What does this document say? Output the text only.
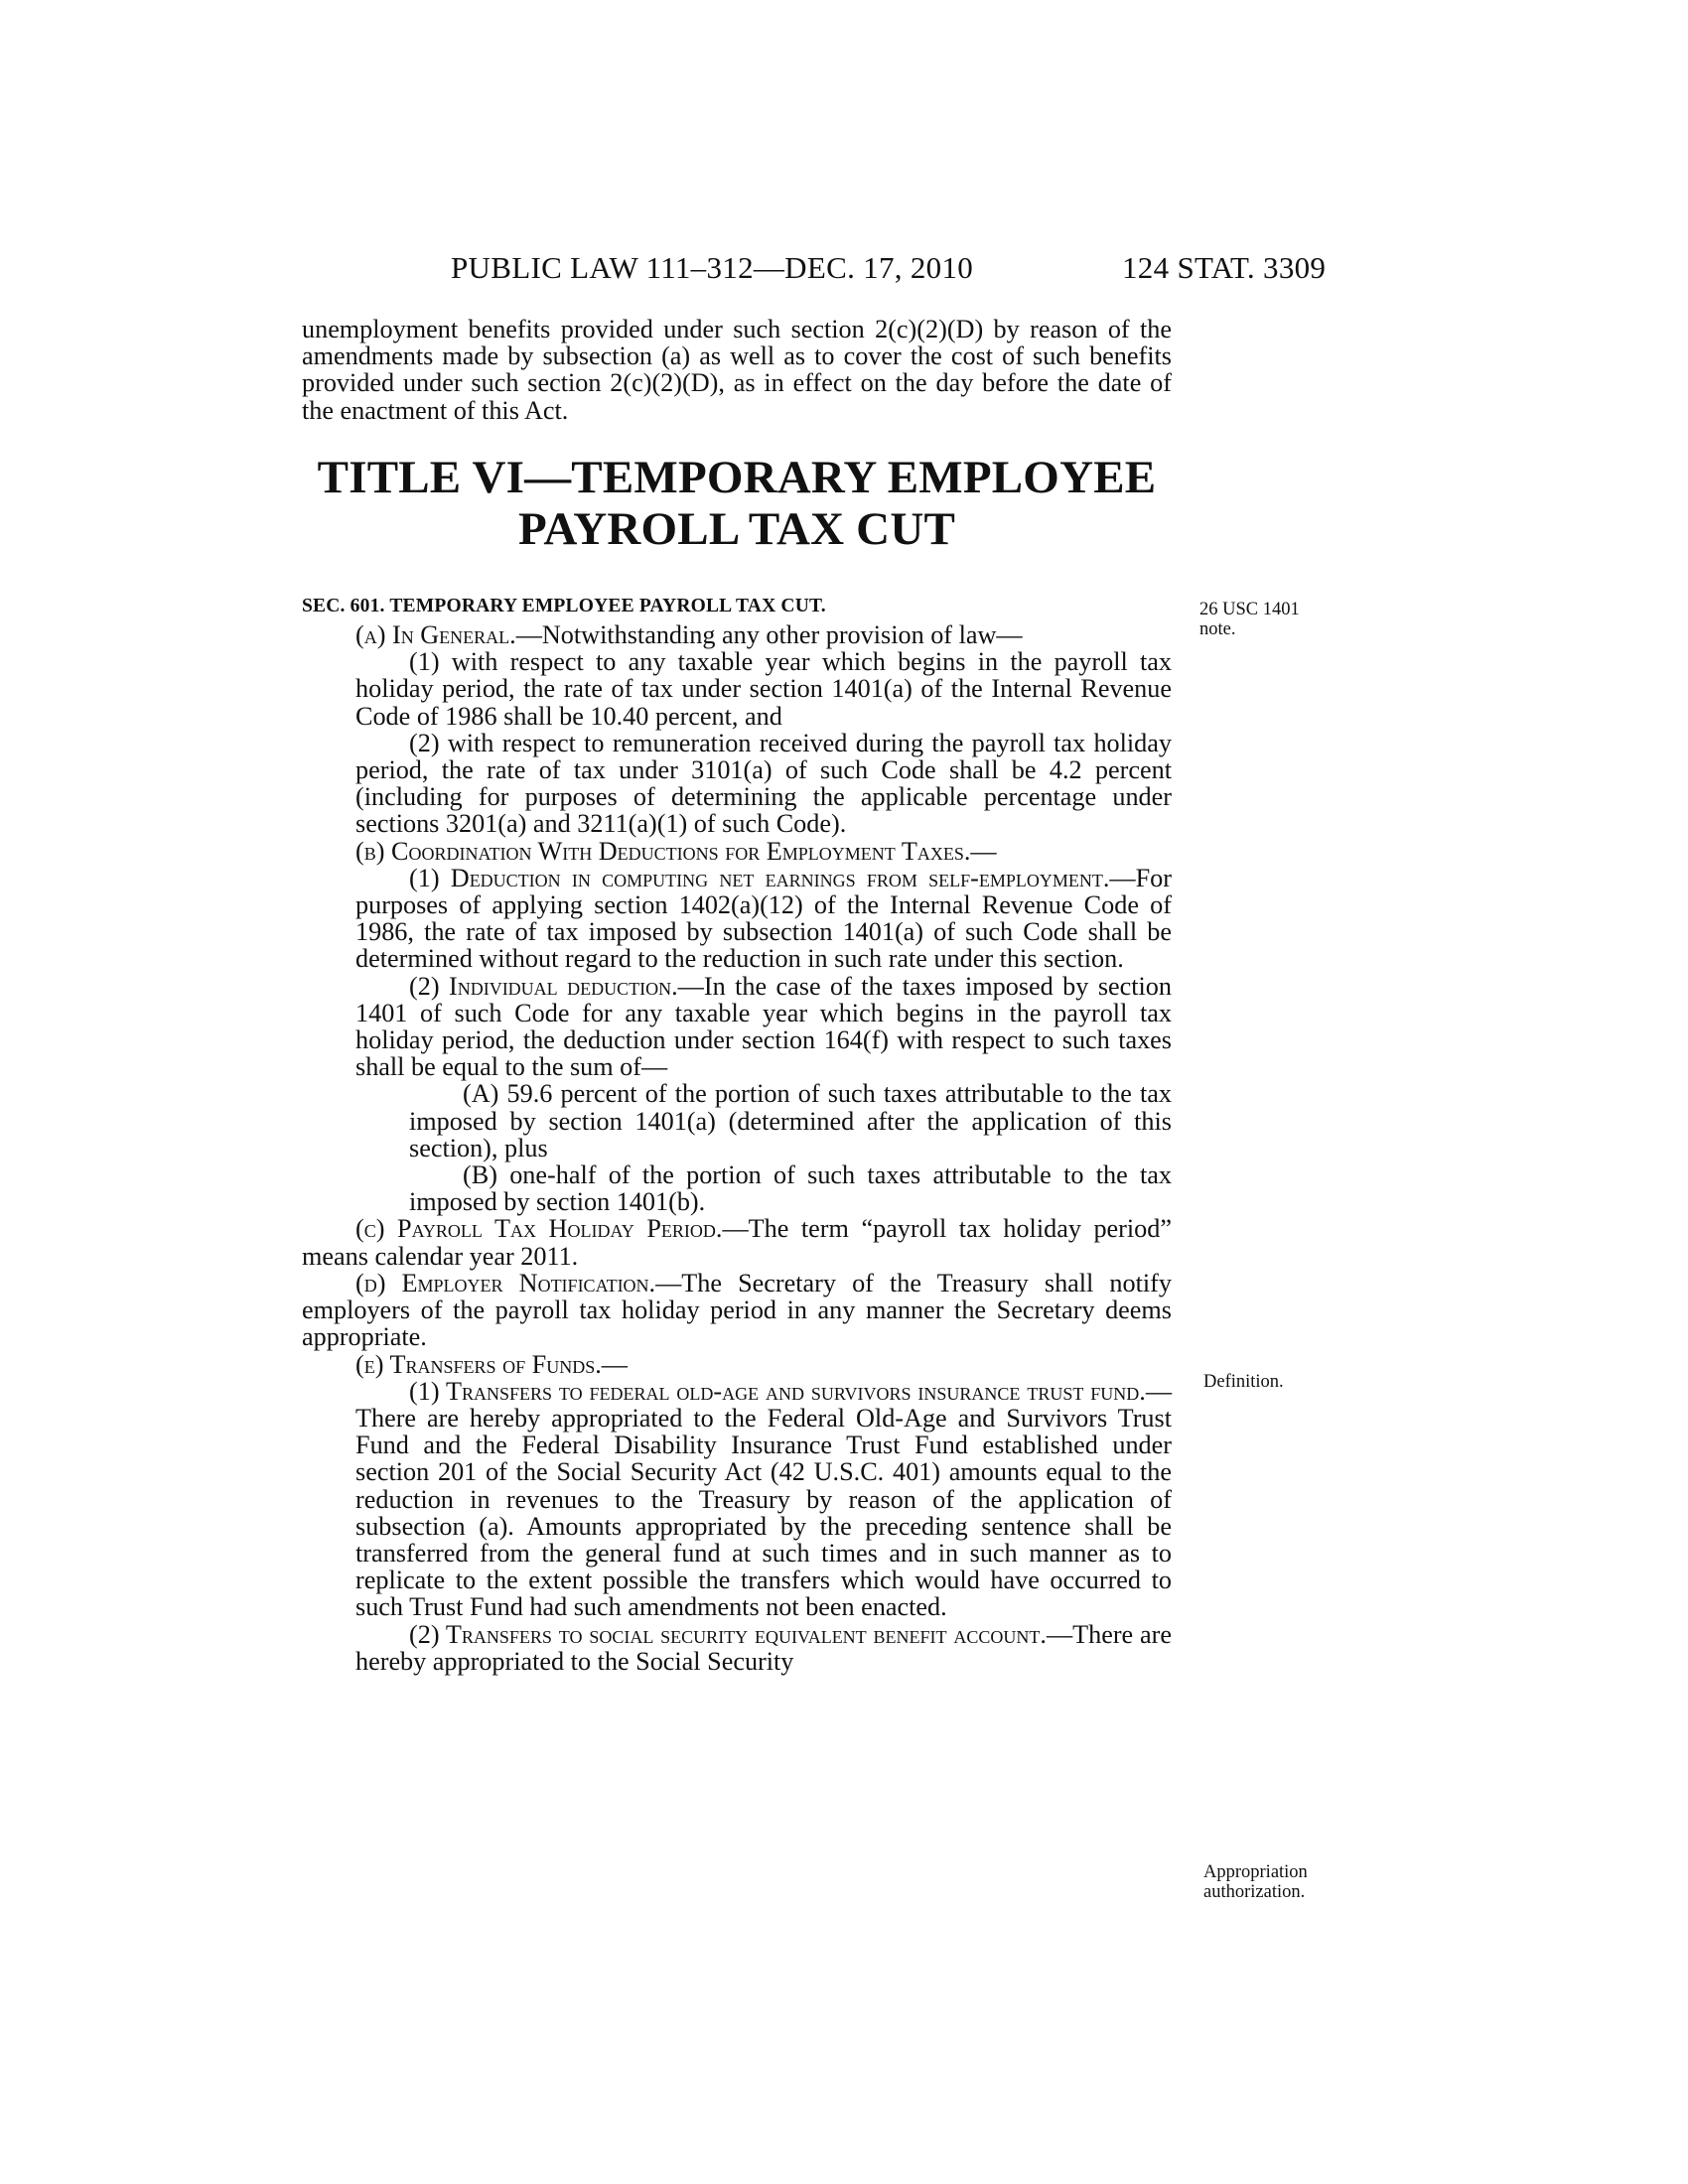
PUBLIC LAW 111–312—DEC. 17, 2010	124 STAT. 3309

unemployment benefits provided under such section 2(c)(2)(D) by reason of the amendments made by subsection (a) as well as to cover the cost of such benefits provided under such section 2(c)(2)(D), as in effect on the day before the date of the enactment of this Act.

TITLE VI—TEMPORARY EMPLOYEE
PAYROLL TAX CUT
SEC. 601. TEMPORARY EMPLOYEE PAYROLL TAX CUT.

(a) In General.—Notwithstanding any other provision of law—

(1) with respect to any taxable year which begins in the payroll tax holiday period, the rate of tax under section 1401(a) of the Internal Revenue Code of 1986 shall be 10.40 percent, and

(2) with respect to remuneration received during the payroll tax holiday period, the rate of tax under 3101(a) of such Code shall be 4.2 percent (including for purposes of determining the applicable percentage under sections 3201(a) and 3211(a)(1) of such Code).

(b) Coordination With Deductions for Employment Taxes.—

(1) Deduction in computing net earnings from self-employment.—For purposes of applying section 1402(a)(12) of the Internal Revenue Code of 1986, the rate of tax imposed by subsection 1401(a) of such Code shall be determined without regard to the reduction in such rate under this section.

(2) Individual deduction.—In the case of the taxes imposed by section 1401 of such Code for any taxable year which begins in the payroll tax holiday period, the deduction under section 164(f) with respect to such taxes shall be equal to the sum of—

(A) 59.6 percent of the portion of such taxes attributable to the tax imposed by section 1401(a) (determined after the application of this section), plus

(B) one-half of the portion of such taxes attributable to the tax imposed by section 1401(b).

(c) Payroll Tax Holiday Period.—The term “payroll tax holiday period” means calendar year 2011.

(d) Employer Notification.—The Secretary of the Treasury shall notify employers of the payroll tax holiday period in any manner the Secretary deems appropriate.

(e) Transfers of Funds.—

(1) Transfers to federal old-age and survivors insurance trust fund.—There are hereby appropriated to the Federal Old-Age and Survivors Trust Fund and the Federal Disability Insurance Trust Fund established under section 201 of the Social Security Act (42 U.S.C. 401) amounts equal to the reduction in revenues to the Treasury by reason of the application of subsection (a). Amounts appropriated by the preceding sentence shall be transferred from the general fund at such times and in such manner as to replicate to the extent possible the transfers which would have occurred to such Trust Fund had such amendments not been enacted.

(2) Transfers to social security equivalent benefit account.—There are hereby appropriated to the Social Security

26 USC 1401
note.
Definition.
Appropriation
authorization.
